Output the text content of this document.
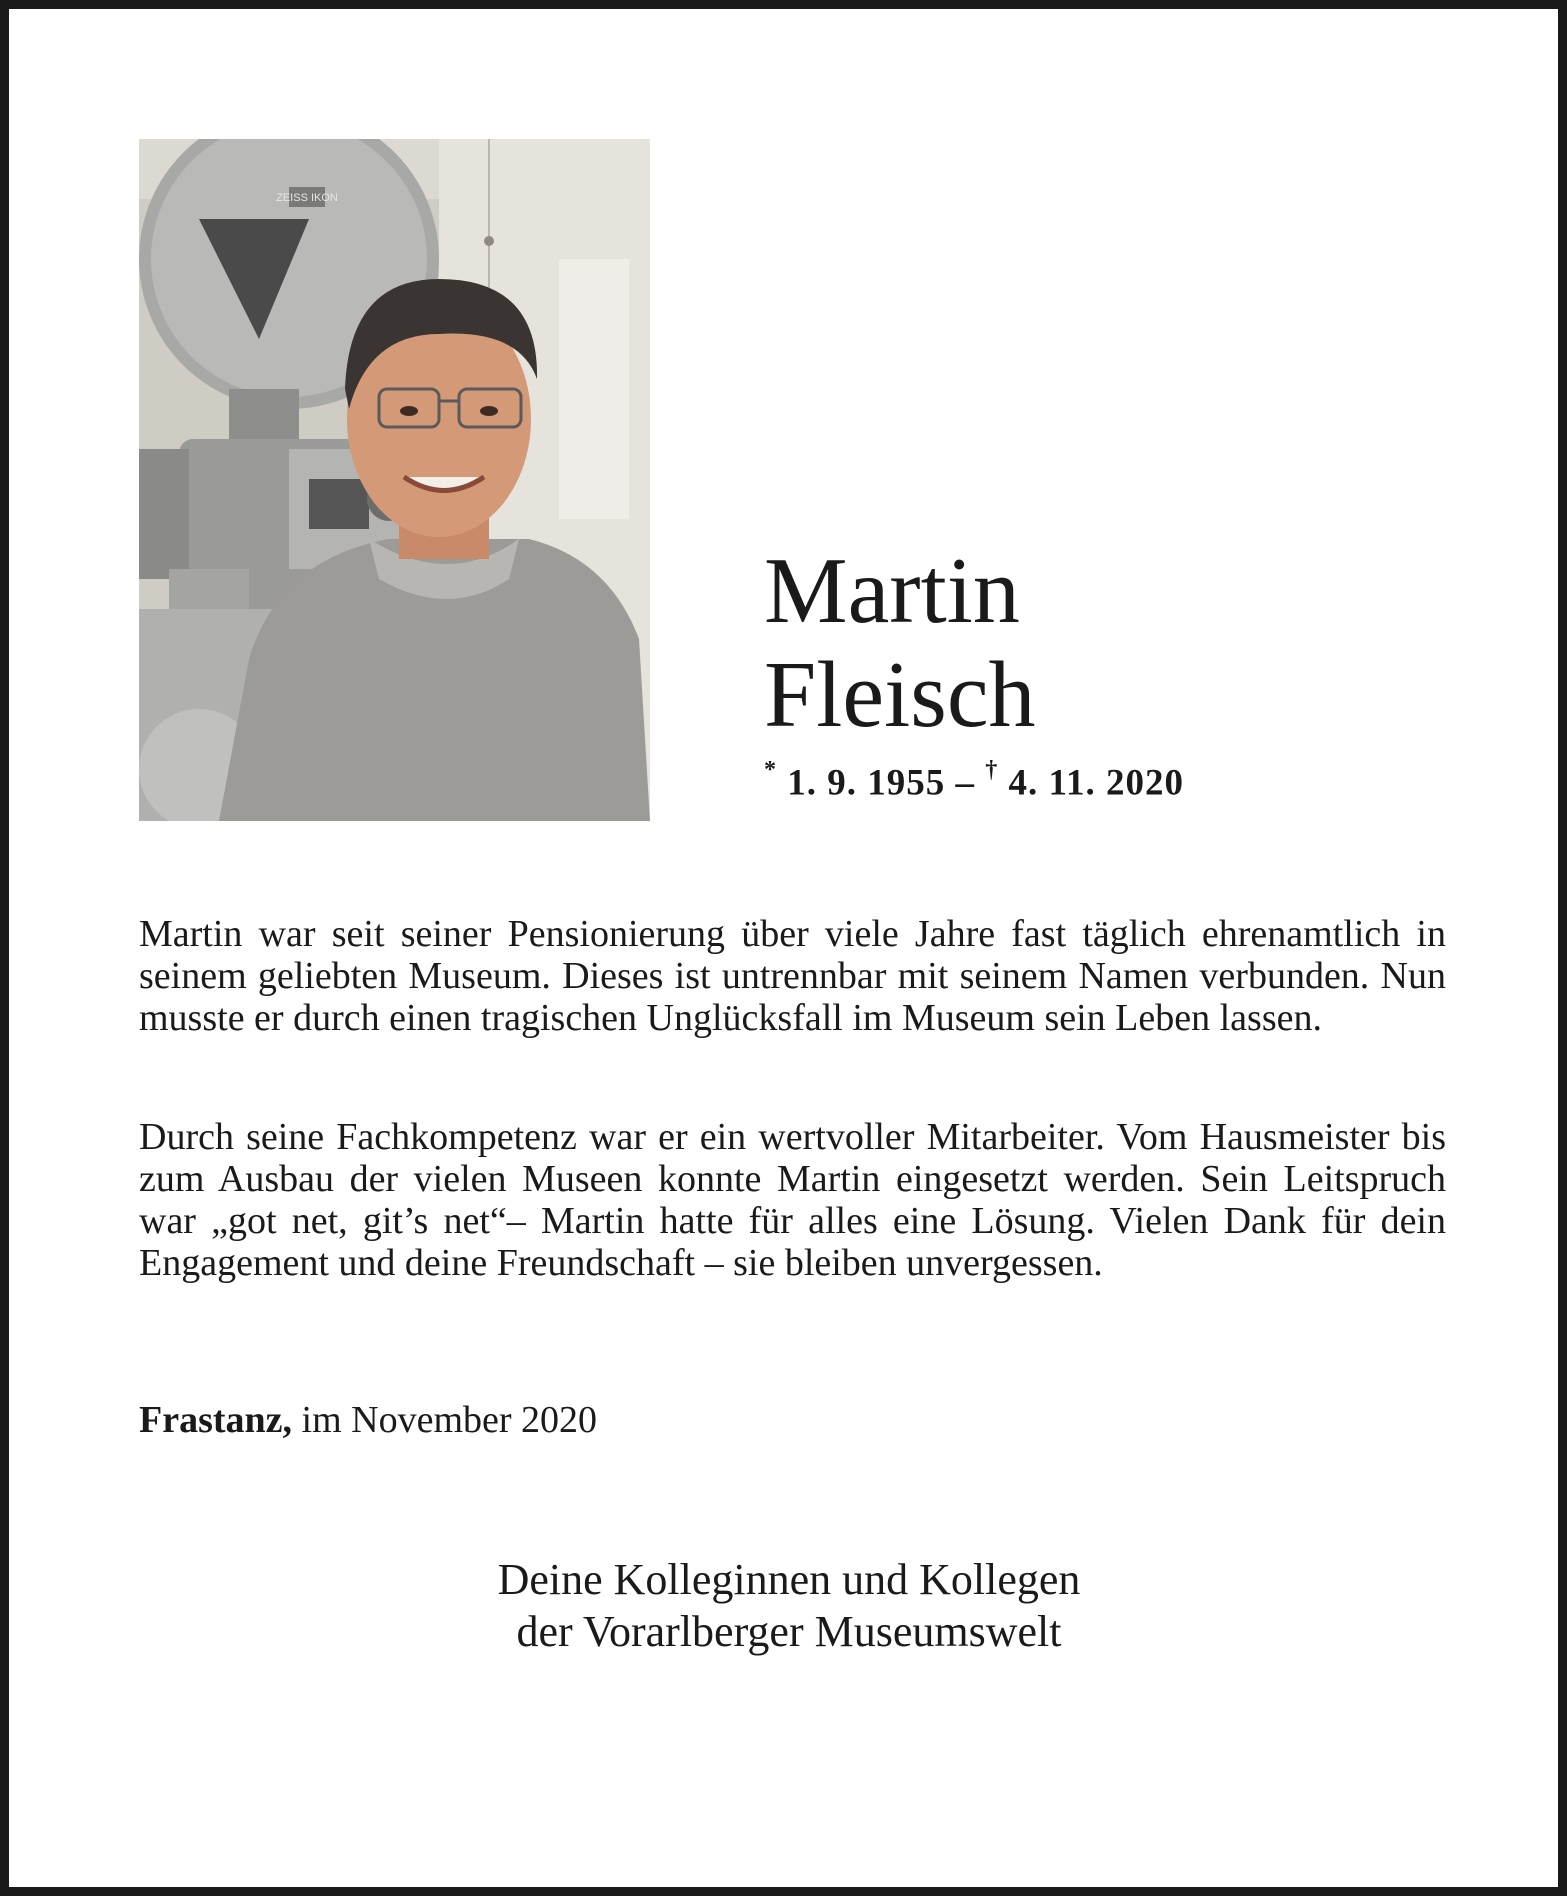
ZEISS IKON
Martin
Fleisch
* 1. 9. 1955 – † 4. 11. 2020

Martin war seit seiner Pensionierung über viele Jahre fast täglich ehrenamtlich in seinem geliebten Museum. Dieses ist untrennbar mit seinem Namen verbunden. Nun musste er durch einen tragischen Unglücksfall im Museum sein Leben lassen.

Durch seine Fachkompetenz war er ein wertvoller Mitarbeiter. Vom Hausmeister bis zum Ausbau der vielen Museen konnte Martin eingesetzt werden. Sein Leitspruch war „got net, git’s net“– Martin hatte für alles eine Lösung. Vielen Dank für dein Engagement und deine Freundschaft – sie bleiben unvergessen.

Frastanz, im November 2020
Deine Kolleginnen und Kollegen
der Vorarlberger Museumswelt
